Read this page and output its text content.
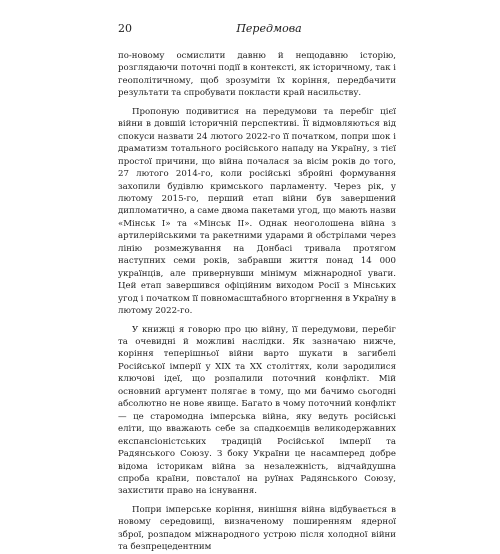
20	Передмова

по-новому осмислити давню й нещодавню історію, розглядаючи поточні події в контексті, як історичному, так і геополітичному, щоб зрозуміти їх коріння, передбачити результати та спробувати покласти край насильству.

Пропоную подивитися на передумови та перебіг цієї війни в довшій історичній перспективі. Її відмовляються від спокуси назвати 24 лютого 2022-го її початком, попри шок і драматизм тотального російського нападу на Україну, з тієї простої причини, що війна почалася за вісім років до того, 27 лютого 2014-го, коли російські збройні формування захопили будівлю кримського парламенту. Через рік, у лютому 2015-го, перший етап війни був завершений дипломатично, а саме двома пакетами угод, що мають назви «Мінськ I» та «Мінськ II». Однак неоголошена війна з артилерійськими та ракетними ударами й обстрілами через лінію розмежування на Донбасі тривала протягом наступних семи років, забравши життя понад 14 000 українців, але привернувши мінімум міжнародної уваги. Цей етап завершився офіційним виходом Росії з Мінських угод і початком її повномасштабного вторгнення в Україну в лютому 2022-го.

У книжці я говорю про цю війну, її передумови, перебіг та очевидні й можливі наслідки. Як зазначаю нижче, коріння теперішньої війни варто шукати в загибелі Російської імперії у XIX та XX століттях, коли зародилися ключові ідеї, що розпалили поточний конфлікт. Мій основний аргумент полягає в тому, що ми бачимо сьогодні абсолютно не нове явище. Багато в чому поточний конфлікт — це старомодна імперська війна, яку ведуть російські еліти, що вважають себе за спадкоємців великодержавних експансіоністських традицій Російської імперії та Радянського Союзу. З боку України це насамперед добре відома історикам війна за незалежність, відчайдушна спроба країни, повсталої на руїнах Радянського Союзу, захистити право на існування.

Попри імперське коріння, нинішня війна відбувається в новому середовищі, визначеному поширенням ядерної зброї, розпадом міжнародного устрою після холодної війни та безпрецедентним
